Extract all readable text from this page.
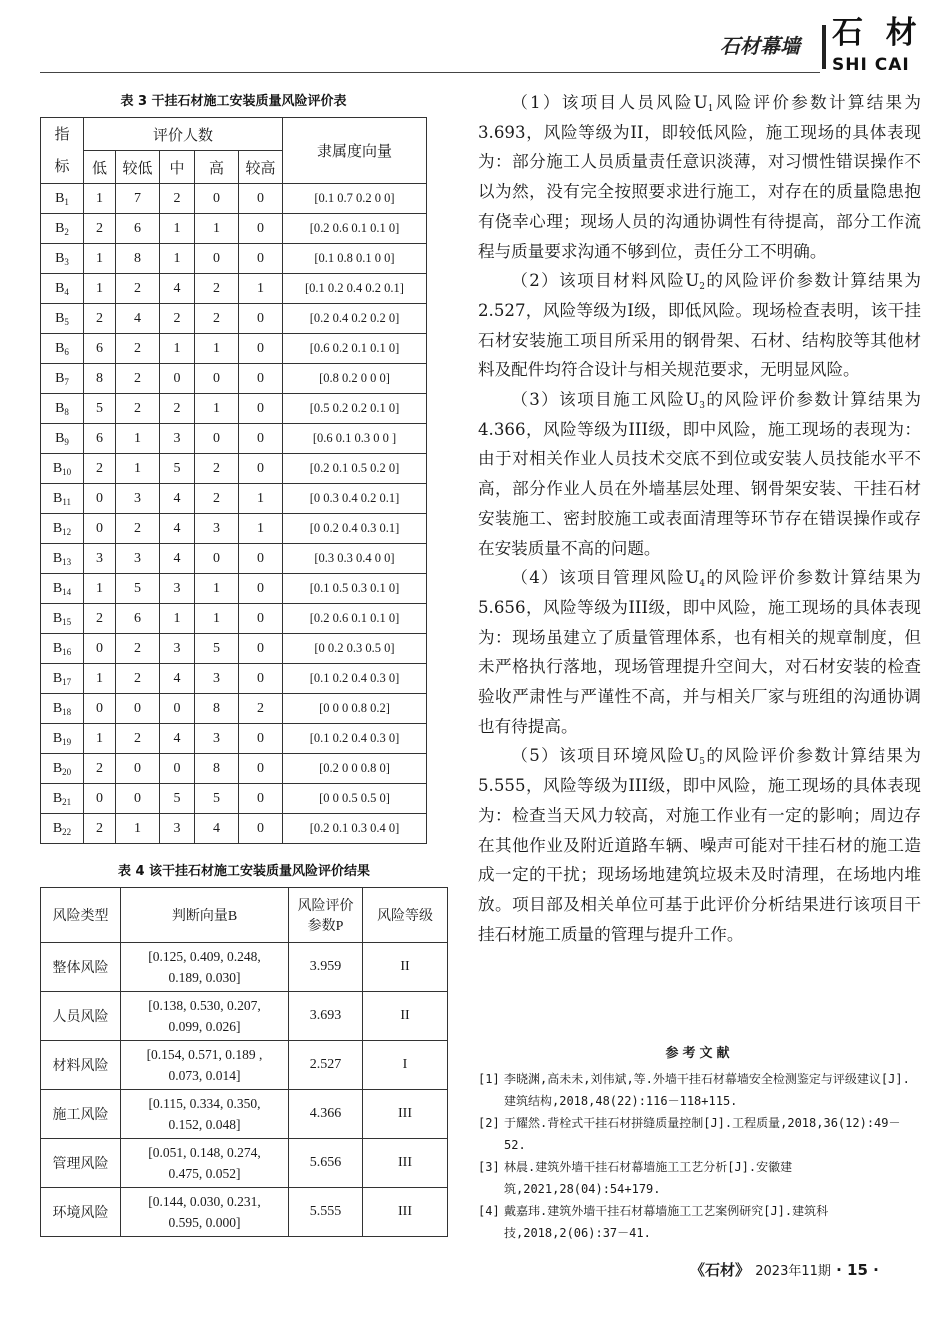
石材幕墙 石 材
SHI CAI
表 3 干挂石材施工安装质量风险评价表
指标	评价人数					隶属度向量
	低	较低	中	高	较高	
$B_1$	1	7	2	0	0	[0.1 0.7 0.2 0 0]
$B_2$	2	6	1	1	0	[0.2 0.6 0.1 0.1 0]
$B_3$	1	8	1	0	0	[0.1 0.8 0.1 0 0]
$B_4$	1	2	4	2	1	[0.1 0.2 0.4 0.2 0.1]
$B_5$	2	4	2	2	0	[0.2 0.4 0.2 0.2 0]
$B_6$	6	2	1	1	0	[0.6 0.2 0.1 0.1 0]
$B_7$	8	2	0	0	0	[0.8 0.2 0 0 0]
$B_8$	5	2	2	1	0	[0.5 0.2 0.2 0.1 0]
$B_9$	6	1	3	0	0	[0.6 0.1 0.3 0 0 ]
$B_{10}$	2	1	5	2	0	[0.2 0.1 0.5 0.2 0]
$B_{11}$	0	3	4	2	1	[0 0.3 0.4 0.2 0.1]
$B_{12}$	0	2	4	3	1	[0 0.2 0.4 0.3 0.1]
$B_{13}$	3	3	4	0	0	[0.3 0.3 0.4 0 0]
$B_{14}$	1	5	3	1	0	[0.1 0.5 0.3 0.1 0]
$B_{15}$	2	6	1	1	0	[0.2 0.6 0.1 0.1 0]
$B_{16}$	0	2	3	5	0	[0 0.2 0.3 0.5 0]
$B_{17}$	1	2	4	3	0	[0.1 0.2 0.4 0.3 0]
$B_{18}$	0	0	0	8	2	[0 0 0 0.8 0.2]
$B_{19}$	1	2	4	3	0	[0.1 0.2 0.4 0.3 0]
$B_{20}$	2	0	0	8	0	[0.2 0 0 0.8 0]
$B_{21}$	0	0	5	5	0	[0 0 0.5 0.5 0]
$B_{22}$	2	1	3	4	0	[0.2 0.1 0.3 0.4 0]
表 4 该干挂石材施工安装质量风险评价结果
风险类型	判断向量B	风险评价参数P	风险等级
整体风险	[0.125, 0.409, 0.248,
0.189, 0.030]	3.959	II
人员风险	[0.138, 0.530, 0.207,
0.099, 0.026]	3.693	II
材料风险	[0.154, 0.571, 0.189 ,
0.073, 0.014]	2.527	I
施工风险	[0.115, 0.334, 0.350,
0.152, 0.048]	4.366	III
管理风险	[0.051, 0.148, 0.274,
0.475, 0.052]	5.656	III
环境风险	[0.144, 0.030, 0.231,
0.595, 0.000]	5.555	III

（1）该项目人员风险$U_1$风险评价参数计算结果为3.693，风险等级为II，即较低风险，施工现场的具体表现为：部分施工人员质量责任意识淡薄，对习惯性错误操作不以为然，没有完全按照要求进行施工，对存在的质量隐患抱有侥幸心理；现场人员的沟通协调性有待提高，部分工作流程与质量要求沟通不够到位，责任分工不明确。

（2）该项目材料风险$U_2$的风险评价参数计算结果为2.527，风险等级为I级，即低风险。现场检查表明，该干挂石材安装施工项目所采用的钢骨架、石材、结构胶等其他材料及配件均符合设计与相关规范要求，无明显风险。

（3）该项目施工风险$U_3$的风险评价参数计算结果为4.366，风险等级为III级，即中风险，施工现场的表现为：由于对相关作业人员技术交底不到位或安装人员技能水平不高，部分作业人员在外墙基层处理、钢骨架安装、干挂石材安装施工、密封胶施工或表面清理等环节存在错误操作或存在安装质量不高的问题。

（4）该项目管理风险$U_4$的风险评价参数计算结果为5.656，风险等级为III级，即中风险，施工现场的具体表现为：现场虽建立了质量管理体系，也有相关的规章制度，但未严格执行落地，现场管理提升空间大，对石材安装的检查验收严肃性与严谨性不高，并与相关厂家与班组的沟通协调也有待提高。

（5）该项目环境风险$U_5$的风险评价参数计算结果为5.555，风险等级为III级，即中风险，施工现场的具体表现为：检查当天风力较高，对施工作业有一定的影响；周边存在其他作业及附近道路车辆、噪声可能对干挂石材的施工造成一定的干扰；现场场地建筑垃圾未及时清理，在场地内堆放。项目部及相关单位可基于此评价分析结果进行该项目干挂石材施工质量的管理与提升工作。

参考文献
[1] 李晓渊,高未未,刘伟斌,等.外墙干挂石材幕墙安全检测鉴定与评级建议[J].建筑结构,2018,48(22):116－118+115.
[2] 于耀然.背栓式干挂石材拼缝质量控制[J].工程质量,2018,36(12):49－52.
[3] 林晨.建筑外墙干挂石材幕墙施工工艺分析[J].安徽建筑,2021,28(04):54+179.
[4] 戴嘉玮.建筑外墙干挂石材幕墙施工工艺案例研究[J].建筑科技,2018,2(06):37－41.
《石材》 2023年11期 · 15 ·
